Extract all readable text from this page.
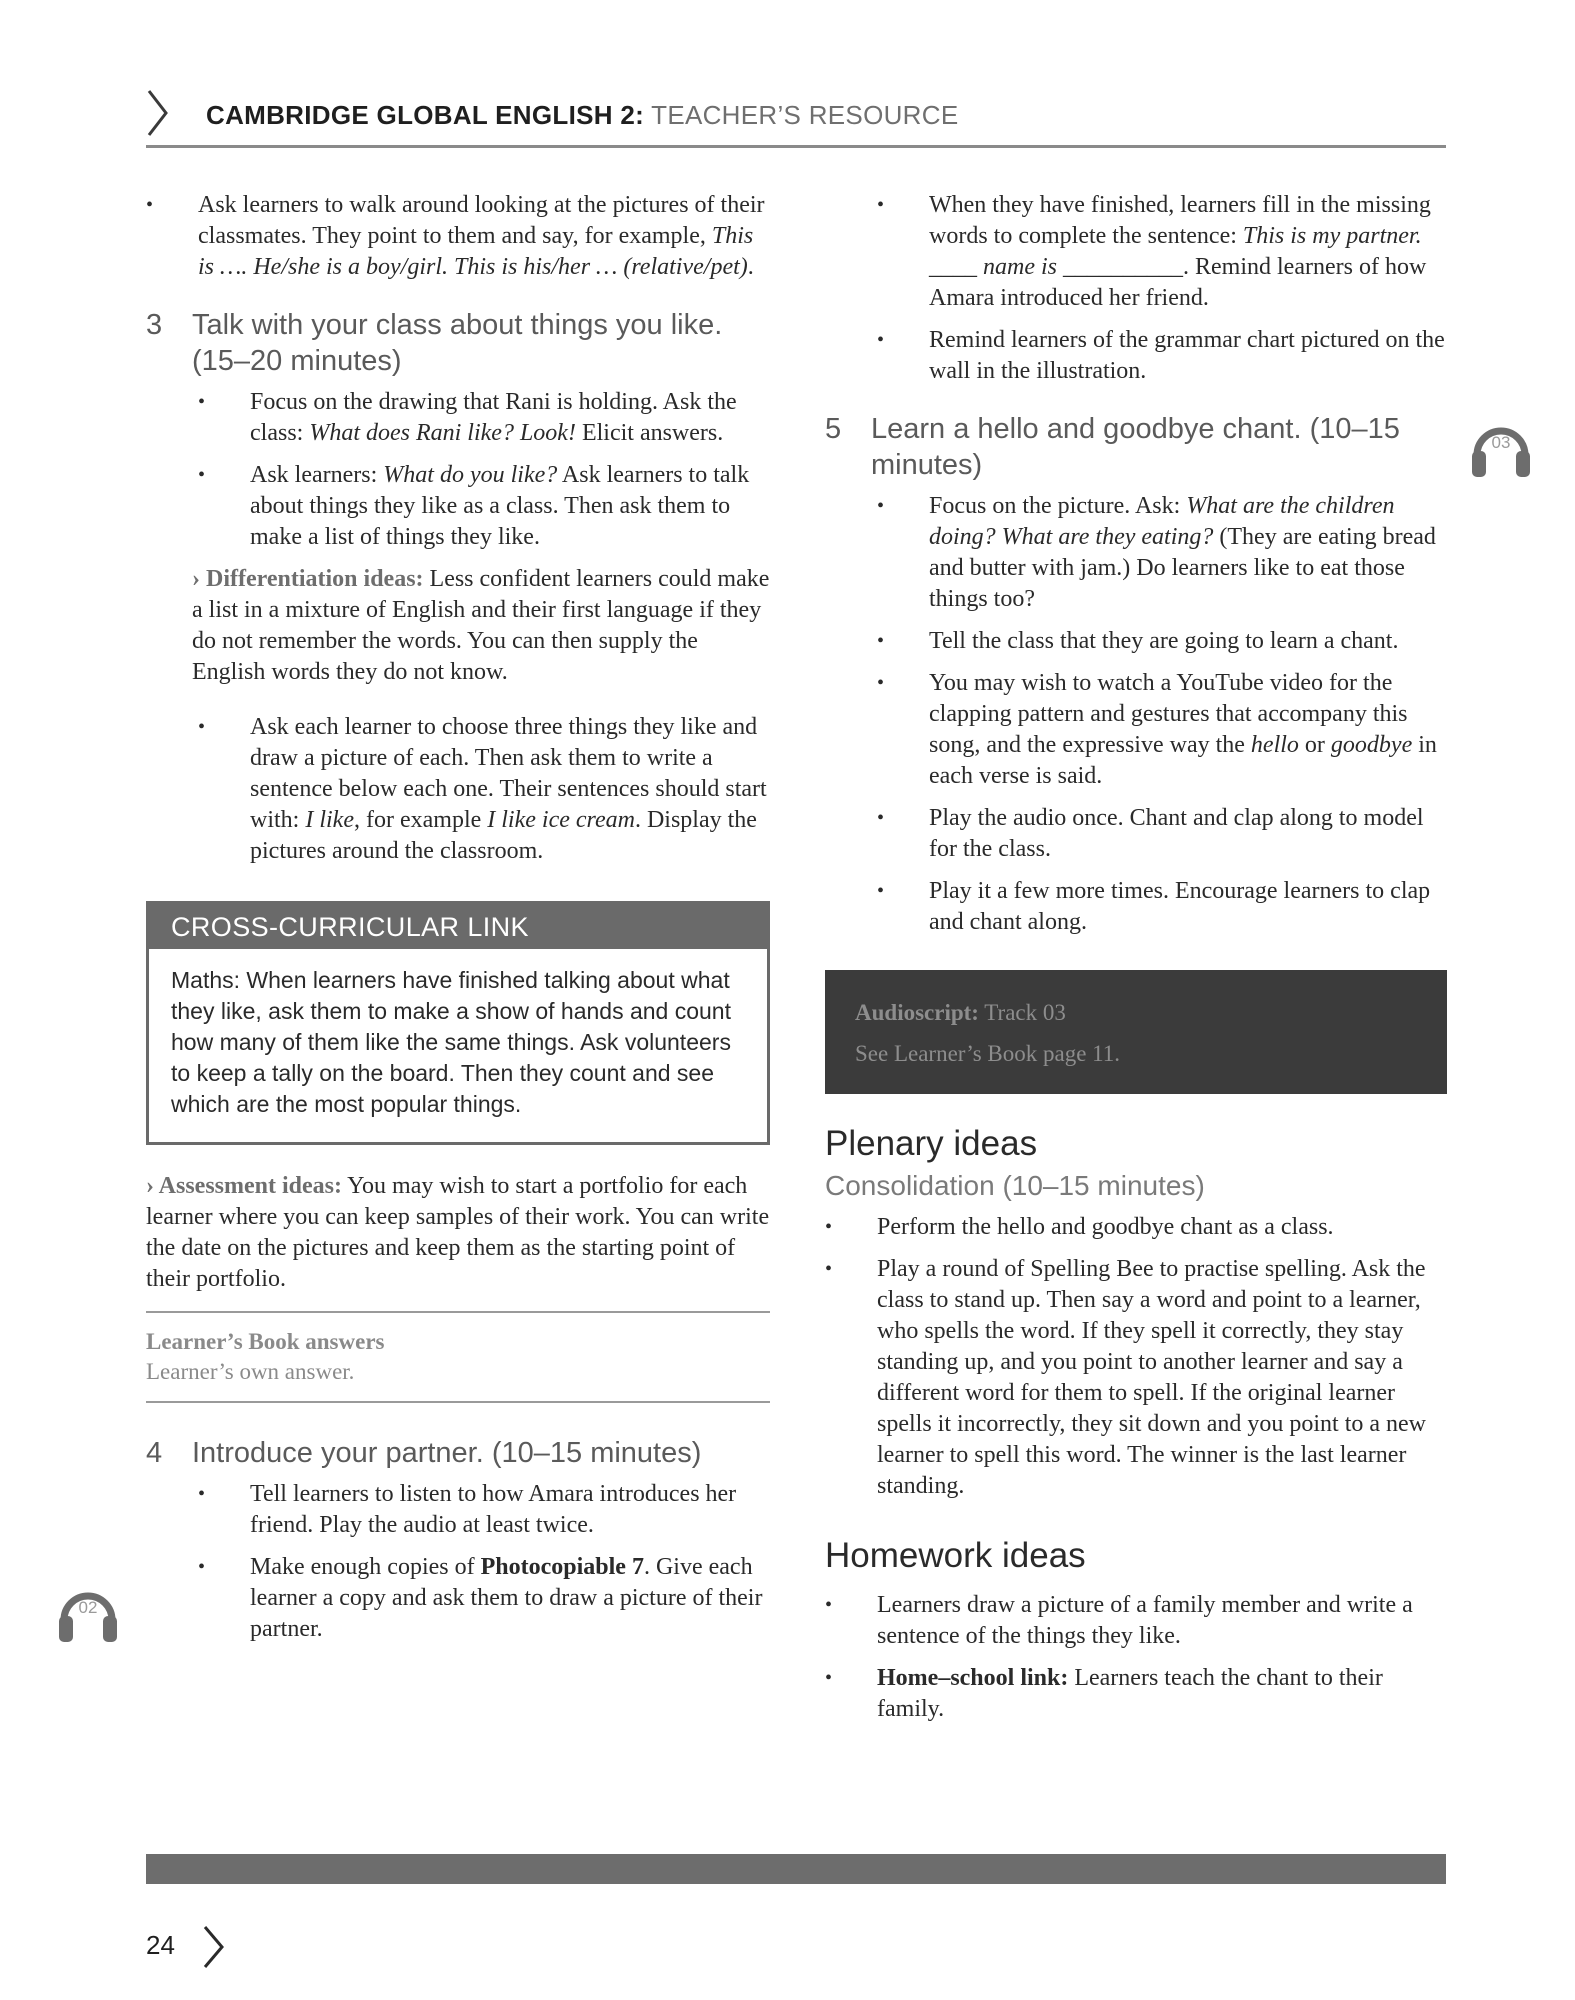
CAMBRIDGE GLOBAL ENGLISH 2: TEACHER’S RESOURCE
• Ask learners to walk around looking at the pictures of their classmates. They point to them and say, for example, This is …. He/she is a boy/girl. This is his/her … (relative/pet).
3 Talk with your class about things you like. (15–20 minutes)
• Focus on the drawing that Rani is holding. Ask the class: What does Rani like? Look! Elicit answers.
• Ask learners: What do you like? Ask learners to talk about things they like as a class. Then ask them to make a list of things they like.
› Differentiation ideas: Less confident learners could make a list in a mixture of English and their first language if they do not remember the words. You can then supply the English words they do not know.
• Ask each learner to choose three things they like and draw a picture of each. Then ask them to write a sentence below each one. Their sentences should start with: I like, for example I like ice cream. Display the pictures around the classroom.
CROSS-CURRICULAR LINK
Maths: When learners have finished talking about what they like, ask them to make a show of hands and count how many of them like the same things. Ask volunteers to keep a tally on the board. Then they count and see which are the most popular things.
› Assessment ideas: You may wish to start a portfolio for each learner where you can keep samples of their work. You can write the date on the pictures and keep them as the starting point of their portfolio.
Learner’s Book answers
Learner’s own answer.
4 Introduce your partner. (10–15 minutes)
• Tell learners to listen to how Amara introduces her friend. Play the audio at least twice.
• Make enough copies of Photocopiable 7. Give each learner a copy and ask them to draw a picture of their partner.
• When they have finished, learners fill in the missing words to complete the sentence: This is my partner. ____ name is __________. Remind learners of how Amara introduced her friend.
• Remind learners of the grammar chart pictured on the wall in the illustration.
5 Learn a hello and goodbye chant. (10–15 minutes)
• Focus on the picture. Ask: What are the children doing? What are they eating? (They are eating bread and butter with jam.) Do learners like to eat those things too?
• Tell the class that they are going to learn a chant.
• You may wish to watch a YouTube video for the clapping pattern and gestures that accompany this song, and the expressive way the hello or goodbye in each verse is said.
• Play the audio once. Chant and clap along to model for the class.
• Play it a few more times. Encourage learners to clap and chant along.
Audioscript: Track 03
See Learner’s Book page 11.
Plenary ideas
Consolidation (10–15 minutes)
• Perform the hello and goodbye chant as a class.
• Play a round of Spelling Bee to practise spelling. Ask the class to stand up. Then say a word and point to a learner, who spells the word. If they spell it correctly, they stay standing up, and you point to another learner and say a different word for them to spell. If the original learner spells it incorrectly, they sit down and you point to a new learner to spell this word. The winner is the last learner standing.
Homework ideas
• Learners draw a picture of a family member and write a sentence of the things they like.
• Home–school link: Learners teach the chant to their family.
02
03
24
